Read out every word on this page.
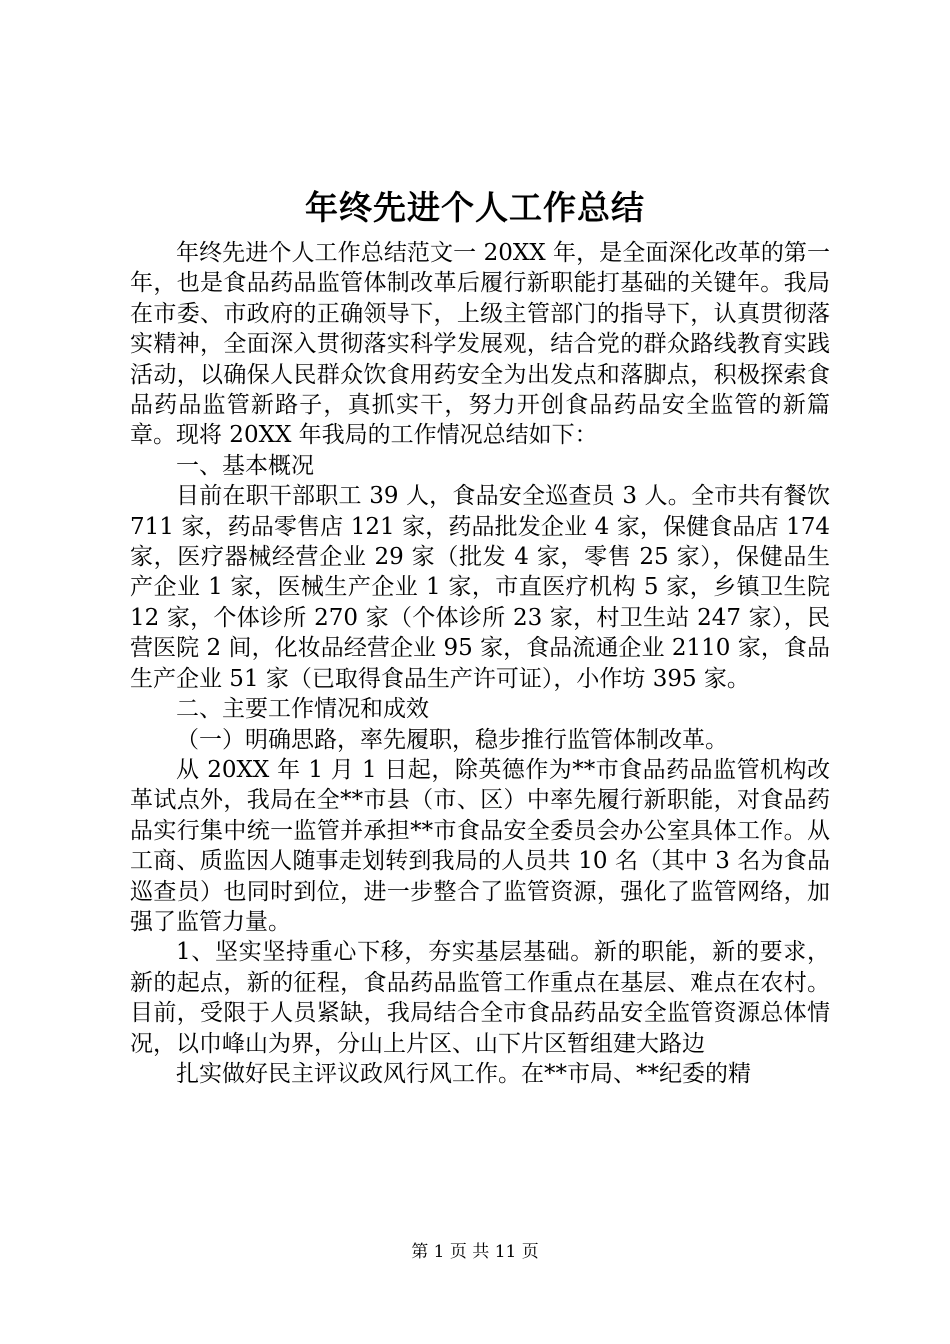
年终先进个人工作总结

年终先进个人工作总结范文一 20XX 年，是全面深化改革的第一年，也是食品药品监管体制改革后履行新职能打基础的关键年。我局在市委、市政府的正确领导下，上级主管部门的指导下，认真贯彻落实精神，全面深入贯彻落实科学发展观，结合党的群众路线教育实践活动，以确保人民群众饮食用药安全为出发点和落脚点，积极探索食品药品监管新路子，真抓实干，努力开创食品药品安全监管的新篇章。现将 20XX 年我局的工作情况总结如下：

一、基本概况

目前在职干部职工 39 人，食品安全巡查员 3 人。全市共有餐饮 711 家，药品零售店 121 家，药品批发企业 4 家，保健食品店 174 家，医疗器械经营企业 29 家（批发 4 家，零售 25 家），保健品生产企业 1 家，医械生产企业 1 家，市直医疗机构 5 家，乡镇卫生院 12 家，个体诊所 270 家（个体诊所 23 家，村卫生站 247 家），民营医院 2 间，化妆品经营企业 95 家，食品流通企业 2110 家，食品生产企业 51 家（已取得食品生产许可证），小作坊 395 家。

二、主要工作情况和成效

（一）明确思路，率先履职，稳步推行监管体制改革。

从 20XX 年 1 月 1 日起，除英德作为**市食品药品监管机构改革试点外，我局在全**市县（市、区）中率先履行新职能，对食品药品实行集中统一监管并承担**市食品安全委员会办公室具体工作。从工商、质监因人随事走划转到我局的人员共 10 名（其中 3 名为食品巡查员）也同时到位，进一步整合了监管资源，强化了监管网络，加强了监管力量。

1、坚实坚持重心下移，夯实基层基础。新的职能，新的要求，新的起点，新的征程，食品药品监管工作重点在基层、难点在农村。目前，受限于人员紧缺，我局结合全市食品药品安全监管资源总体情况，以巾峰山为界，分山上片区、山下片区暂组建大路边

扎实做好民主评议政风行风工作。在**市局、**纪委的精

第 1 页 共 11 页
